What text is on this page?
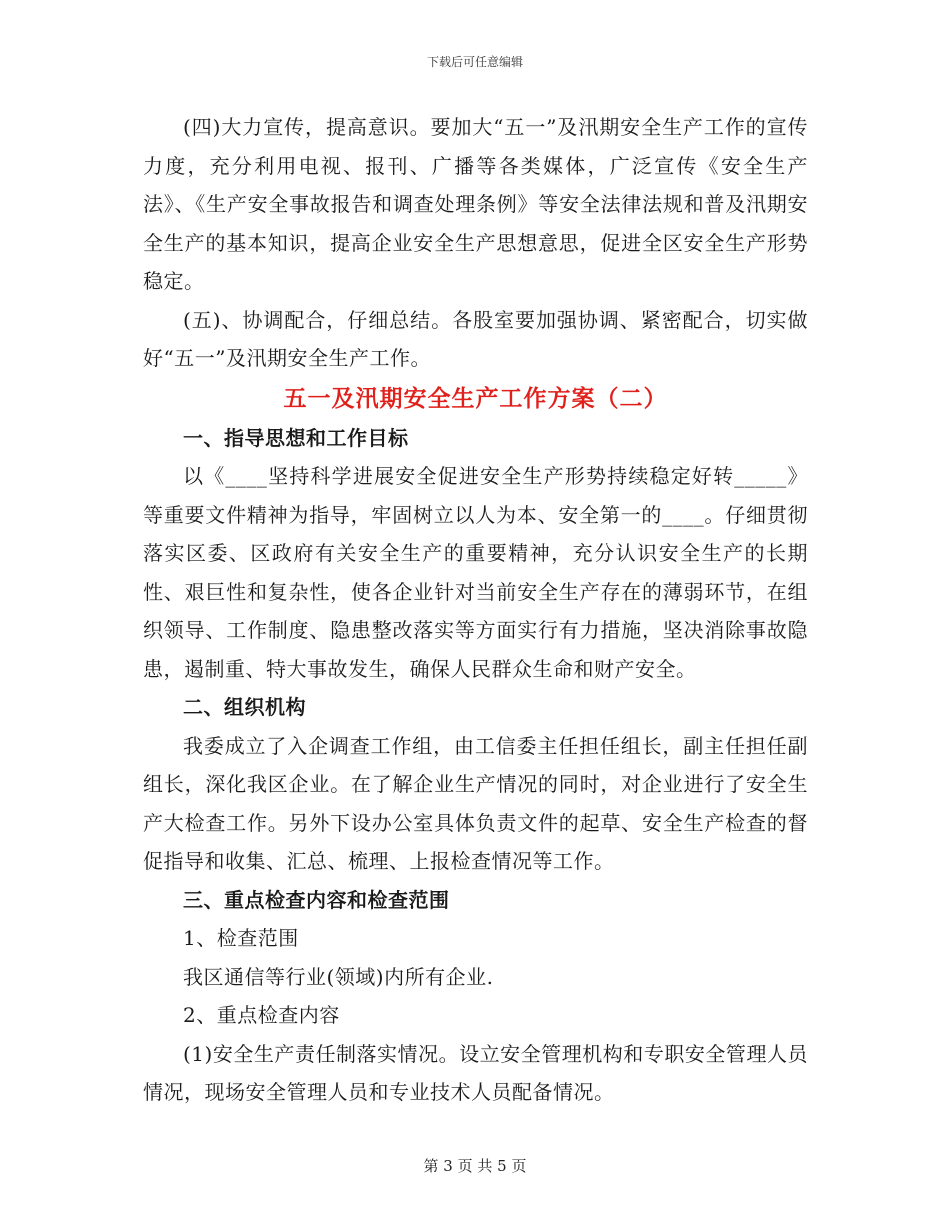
下载后可任意编辑

(四)大力宣传，提高意识。要加大“五一”及汛期安全生产工作的宣传力度，充分利用电视、报刊、广播等各类媒体，广泛宣传《安全生产法》、《生产安全事故报告和调查处理条例》等安全法律法规和普及汛期安全生产的基本知识，提高企业安全生产思想意思，促进全区安全生产形势稳定。

(五)、协调配合，仔细总结。各股室要加强协调、紧密配合，切实做好“五一”及汛期安全生产工作。

五一及汛期安全生产工作方案（二）

一、指导思想和工作目标

以《____坚持科学进展安全促进安全生产形势持续稳定好转_____》等重要文件精神为指导，牢固树立以人为本、安全第一的____。仔细贯彻落实区委、区政府有关安全生产的重要精神，充分认识安全生产的长期性、艰巨性和复杂性，使各企业针对当前安全生产存在的薄弱环节，在组织领导、工作制度、隐患整改落实等方面实行有力措施，坚决消除事故隐患，遏制重、特大事故发生，确保人民群众生命和财产安全。

二、组织机构

我委成立了入企调查工作组，由工信委主任担任组长，副主任担任副组长，深化我区企业。在了解企业生产情况的同时，对企业进行了安全生产大检查工作。另外下设办公室具体负责文件的起草、安全生产检查的督促指导和收集、汇总、梳理、上报检查情况等工作。

三、重点检查内容和检查范围

1、检查范围

我区通信等行业(领域)内所有企业.

2、重点检查内容

(1)安全生产责任制落实情况。设立安全管理机构和专职安全管理人员情况，现场安全管理人员和专业技术人员配备情况。

第 3 页 共 5 页
